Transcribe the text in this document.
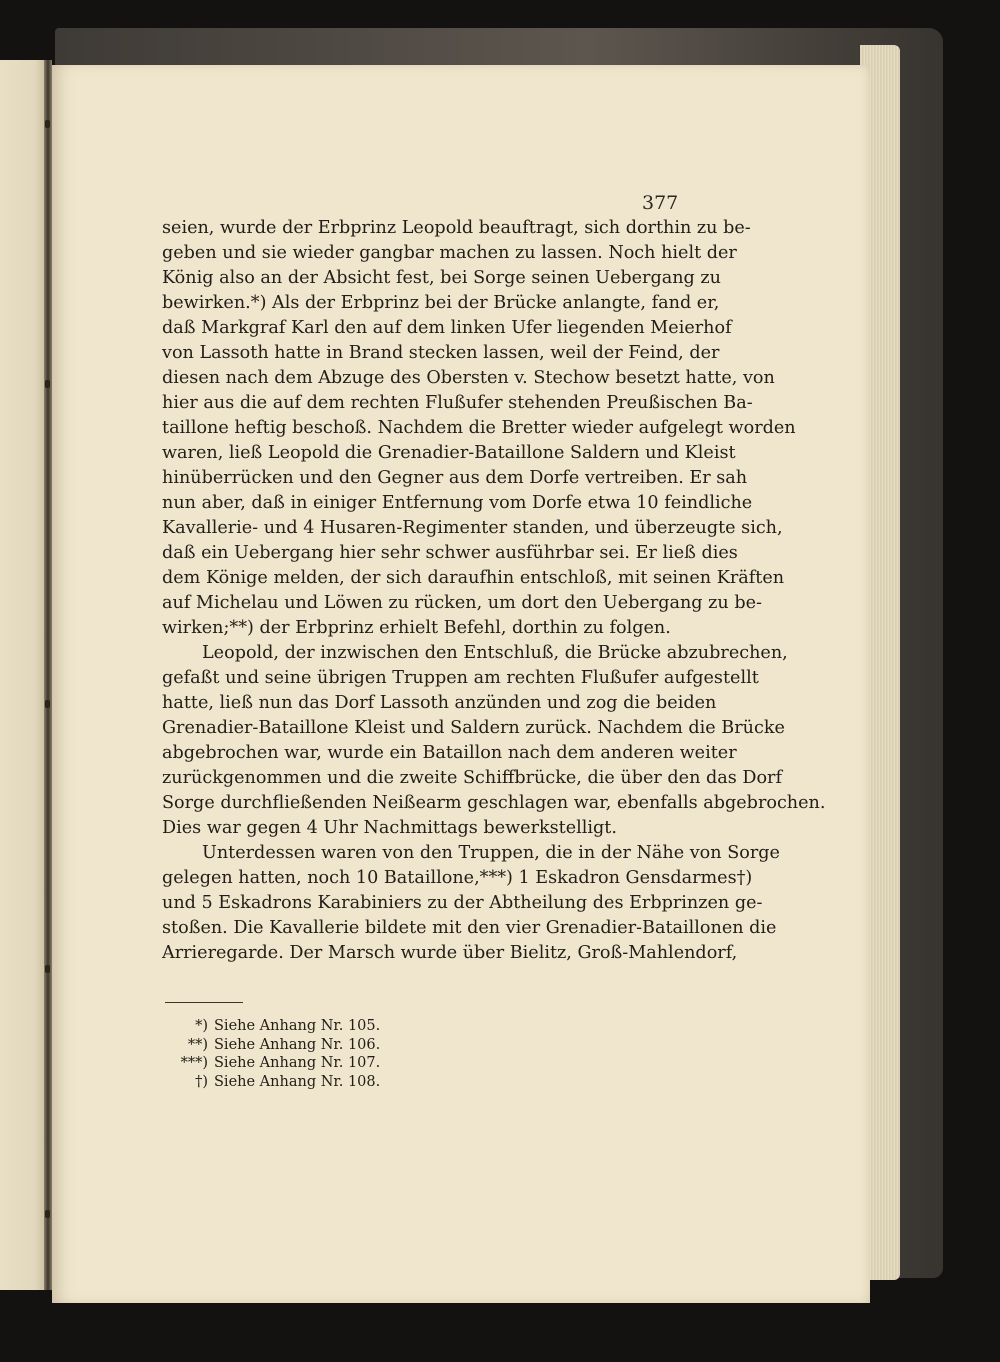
377
seien, wurde der Erbprinz Leopold beauftragt, sich dorthin zu be-
geben und sie wieder gangbar machen zu lassen. Noch hielt der
König also an der Absicht fest, bei Sorge seinen Uebergang zu
bewirken.*) Als der Erbprinz bei der Brücke anlangte, fand er,
daß Markgraf Karl den auf dem linken Ufer liegenden Meierhof
von Lassoth hatte in Brand stecken lassen, weil der Feind, der
diesen nach dem Abzuge des Obersten v. Stechow besetzt hatte, von
hier aus die auf dem rechten Flußufer stehenden Preußischen Ba-
taillone heftig beschoß. Nachdem die Bretter wieder aufgelegt worden
waren, ließ Leopold die Grenadier-Bataillone Saldern und Kleist
hinüberrücken und den Gegner aus dem Dorfe vertreiben. Er sah
nun aber, daß in einiger Entfernung vom Dorfe etwa 10 feindliche
Kavallerie- und 4 Husaren-Regimenter standen, und überzeugte sich,
daß ein Uebergang hier sehr schwer ausführbar sei. Er ließ dies
dem Könige melden, der sich daraufhin entschloß, mit seinen Kräften
auf Michelau und Löwen zu rücken, um dort den Uebergang zu be-
wirken;**) der Erbprinz erhielt Befehl, dorthin zu folgen.
Leopold, der inzwischen den Entschluß, die Brücke abzubrechen,
gefaßt und seine übrigen Truppen am rechten Flußufer aufgestellt
hatte, ließ nun das Dorf Lassoth anzünden und zog die beiden
Grenadier-Bataillone Kleist und Saldern zurück. Nachdem die Brücke
abgebrochen war, wurde ein Bataillon nach dem anderen weiter
zurückgenommen und die zweite Schiffbrücke, die über den das Dorf
Sorge durchfließenden Neißearm geschlagen war, ebenfalls abgebrochen.
Dies war gegen 4 Uhr Nachmittags bewerkstelligt.
Unterdessen waren von den Truppen, die in der Nähe von Sorge
gelegen hatten, noch 10 Bataillone,***) 1 Eskadron Gensdarmes†)
und 5 Eskadrons Karabiniers zu der Abtheilung des Erbprinzen ge-
stoßen. Die Kavallerie bildete mit den vier Grenadier-Bataillonen die
Arrieregarde. Der Marsch wurde über Bielitz, Groß-Mahlendorf,
*) Siehe Anhang Nr. 105.
**) Siehe Anhang Nr. 106.
***) Siehe Anhang Nr. 107.
†) Siehe Anhang Nr. 108.
